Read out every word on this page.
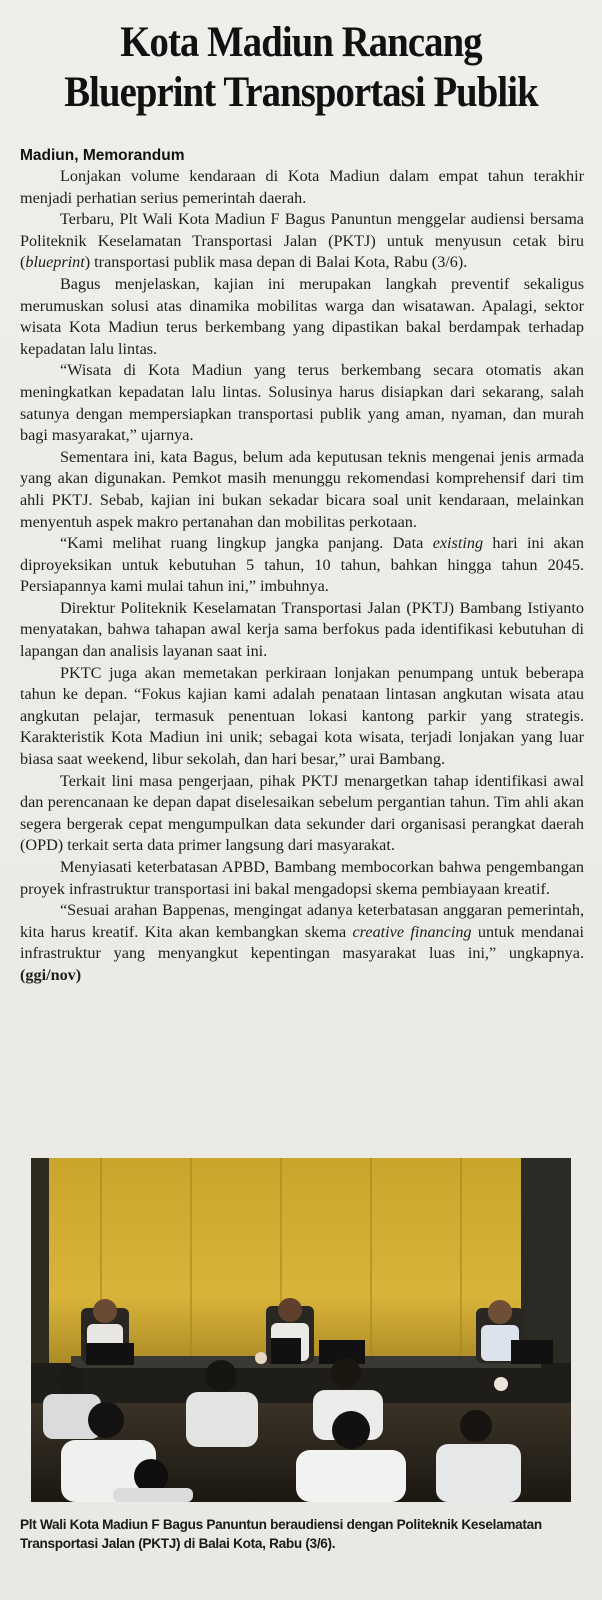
Kota Madiun Rancang
Blueprint Transportasi Publik
Madiun, Memorandum

Lonjakan volume kendaraan di Kota Madiun dalam empat tahun terakhir menjadi perhatian serius pemerintah daerah.

Terbaru, Plt Wali Kota Madiun F Bagus Panuntun menggelar audiensi bersama Politeknik Keselamatan Transportasi Jalan (PKTJ) untuk menyusun cetak biru (blueprint) transportasi publik masa depan di Balai Kota, Rabu (3/6).

Bagus menjelaskan, kajian ini merupakan langkah preventif sekaligus merumuskan solusi atas dinamika mobilitas warga dan wisatawan. Apalagi, sektor wisata Kota Madiun terus berkembang yang dipastikan bakal berdampak terhadap kepadatan lalu lintas.

“Wisata di Kota Madiun yang terus berkembang secara otomatis akan meningkatkan kepadatan lalu lintas. Solusinya harus disiapkan dari sekarang, salah satunya dengan mempersiapkan transportasi publik yang aman, nyaman, dan murah bagi masyarakat,” ujarnya.

Sementara ini, kata Bagus, belum ada keputusan teknis mengenai jenis armada yang akan digunakan. Pemkot masih menunggu rekomendasi komprehensif dari tim ahli PKTJ. Sebab, kajian ini bukan sekadar bicara soal unit kendaraan, melainkan menyentuh aspek makro pertanahan dan mobilitas perkotaan.

“Kami melihat ruang lingkup jangka panjang. Data existing hari ini akan diproyeksikan untuk kebutuhan 5 tahun, 10 tahun, bahkan hingga tahun 2045. Persiapannya kami mulai tahun ini,” imbuhnya.

Direktur Politeknik Keselamatan Transportasi Jalan (PKTJ) Bambang Istiyanto menyatakan, bahwa tahapan awal kerja sama berfokus pada identifikasi kebutuhan di lapangan dan analisis layanan saat ini.

PKTC juga akan memetakan perkiraan lonjakan penumpang untuk beberapa tahun ke depan. “Fokus kajian kami adalah penataan lintasan angkutan wisata atau angkutan pelajar, termasuk penentuan lokasi kantong parkir yang strategis. Karakteristik Kota Madiun ini unik; sebagai kota wisata, terjadi lonjakan yang luar biasa saat weekend, libur sekolah, dan hari besar,” urai Bambang.

Terkait lini masa pengerjaan, pihak PKTJ menargetkan tahap identifikasi awal dan perencanaan ke depan dapat diselesaikan sebelum pergantian tahun. Tim ahli akan segera bergerak cepat mengumpulkan data sekunder dari organisasi perangkat daerah (OPD) terkait serta data primer langsung dari masyarakat.

Menyiasati keterbatasan APBD, Bambang membocorkan bahwa pengembangan proyek infrastruktur transportasi ini bakal mengadopsi skema pembiayaan kreatif.

“Sesuai arahan Bappenas, mengingat adanya keterbatasan anggaran pemerintah, kita harus kreatif. Kita akan kembangkan skema creative financing untuk mendanai infrastruktur yang menyangkut kepentingan masyarakat luas ini,” ungkapnya. (ggi/nov)

Plt Wali Kota Madiun F Bagus Panuntun beraudiensi dengan Politeknik Keselamatan Transportasi Jalan (PKTJ) di Balai Kota, Rabu (3/6).
